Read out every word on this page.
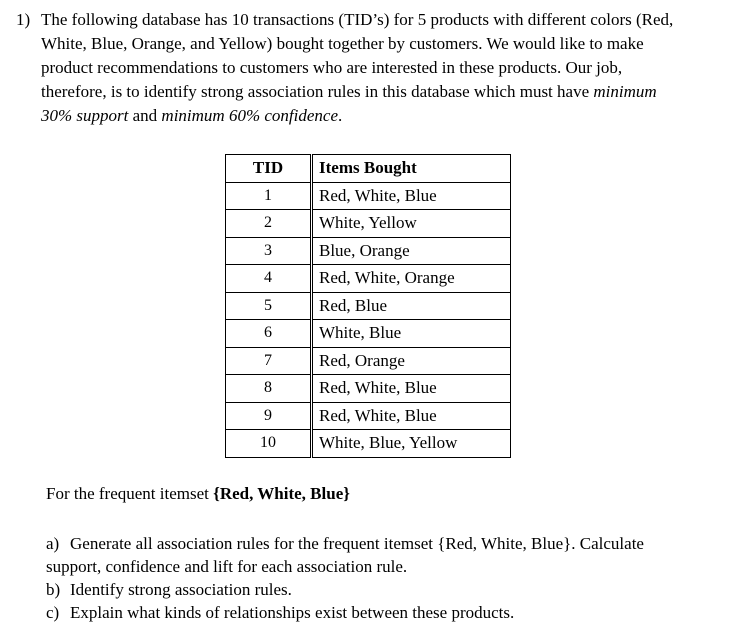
1) The following database has 10 transactions (TID’s) for 5 products with different colors (Red,
White, Blue, Orange, and Yellow) bought together by customers. We would like to make
product recommendations to customers who are interested in these products. Our job,
therefore, is to identify strong association rules in this database which must have minimum
30% support and minimum 60% confidence.
TID	Items Bought
1	Red, White, Blue
2	White, Yellow
3	Blue, Orange
4	Red, White, Orange
5	Red, Blue
6	White, Blue
7	Red, Orange
8	Red, White, Blue
9	Red, White, Blue
10	White, Blue, Yellow
For the frequent itemset {Red, White, Blue}
a) Generate all association rules for the frequent itemset {Red, White, Blue}. Calculate
support, confidence and lift for each association rule.
b) Identify strong association rules.
c) Explain what kinds of relationships exist between these products.
